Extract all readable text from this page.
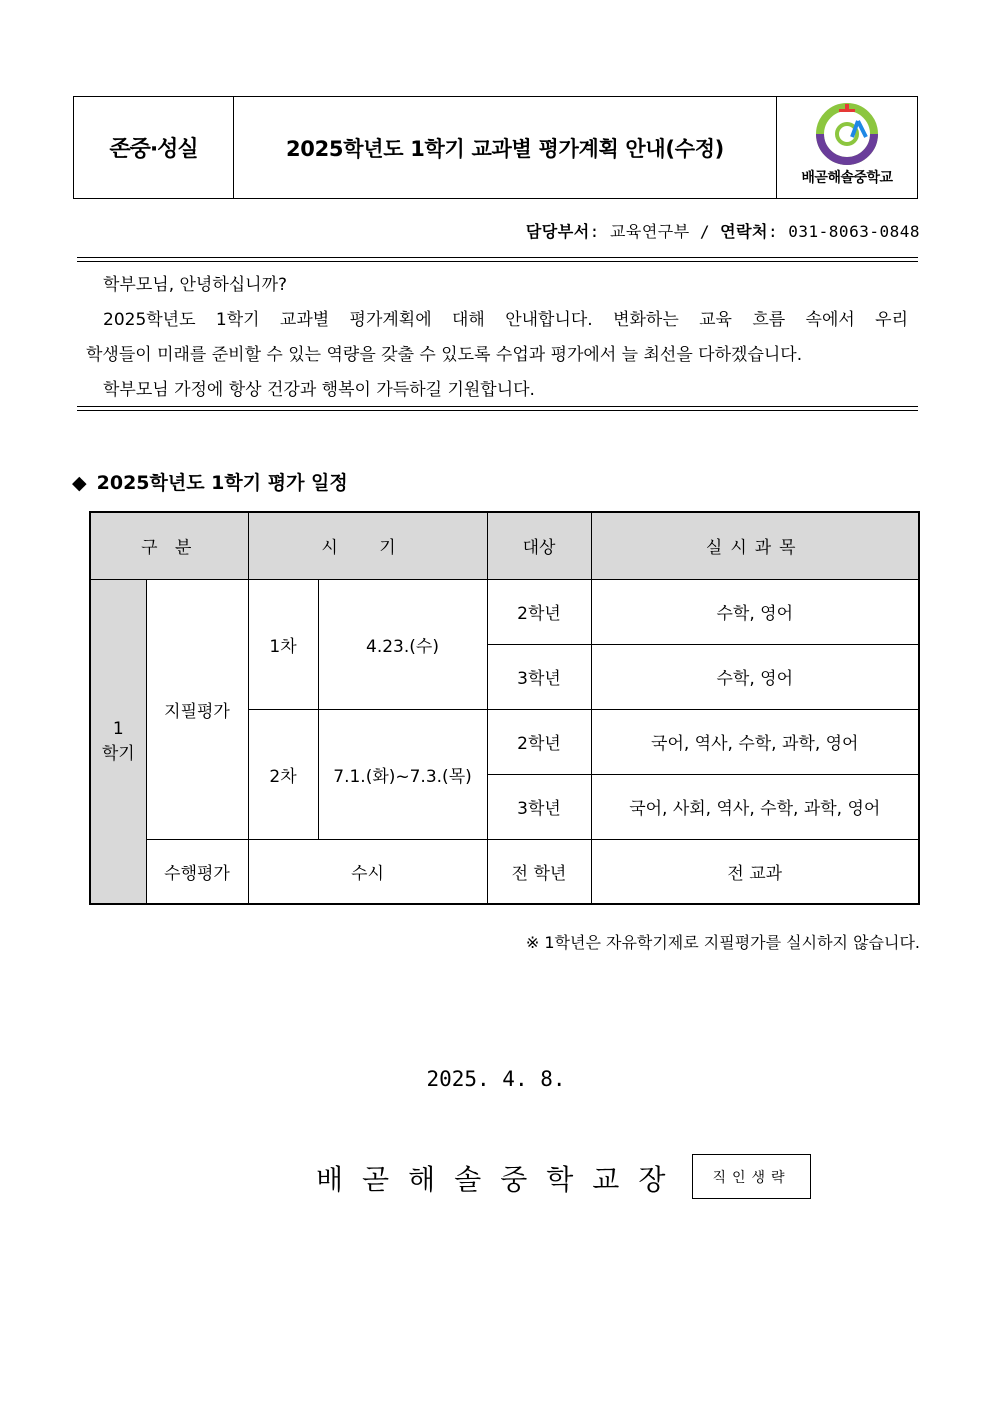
존중·성실	2025학년도 1학기 교과별 평가계획 안내(수정)
배곧해솔중학교
담당부서: 교육연구부 / 연락처: 031-8063-0848

학부모님, 안녕하십니까?

2025학년도 1학기 교과별 평가계획에 대해 안내합니다. 변화하는 교육 흐름 속에서 우리

학생들이 미래를 준비할 수 있는 역량을 갖출 수 있도록 수업과 평가에서 늘 최선을 다하겠습니다.

학부모님 가정에 항상 건강과 행복이 가득하길 기원합니다.

◆ 2025학년도 1학기 평가 일정
구 분		시 기		대상	실시과목

1
학기	지필평가	1차	4.23.(수)	2학년	수학, 영어
				3학년	수학, 영어
		2차	7.1.(화)~7.3.(목)	2학년	국어, 역사, 수학, 과학, 영어
				3학년	국어, 사회, 역사, 수학, 과학, 영어
	수행평가	수시		전 학년	전 교과
※ 1학년은 자유학기제로 지필평가를 실시하지 않습니다.
2025. 4. 8.
배곧해솔중학교장	직인생략
